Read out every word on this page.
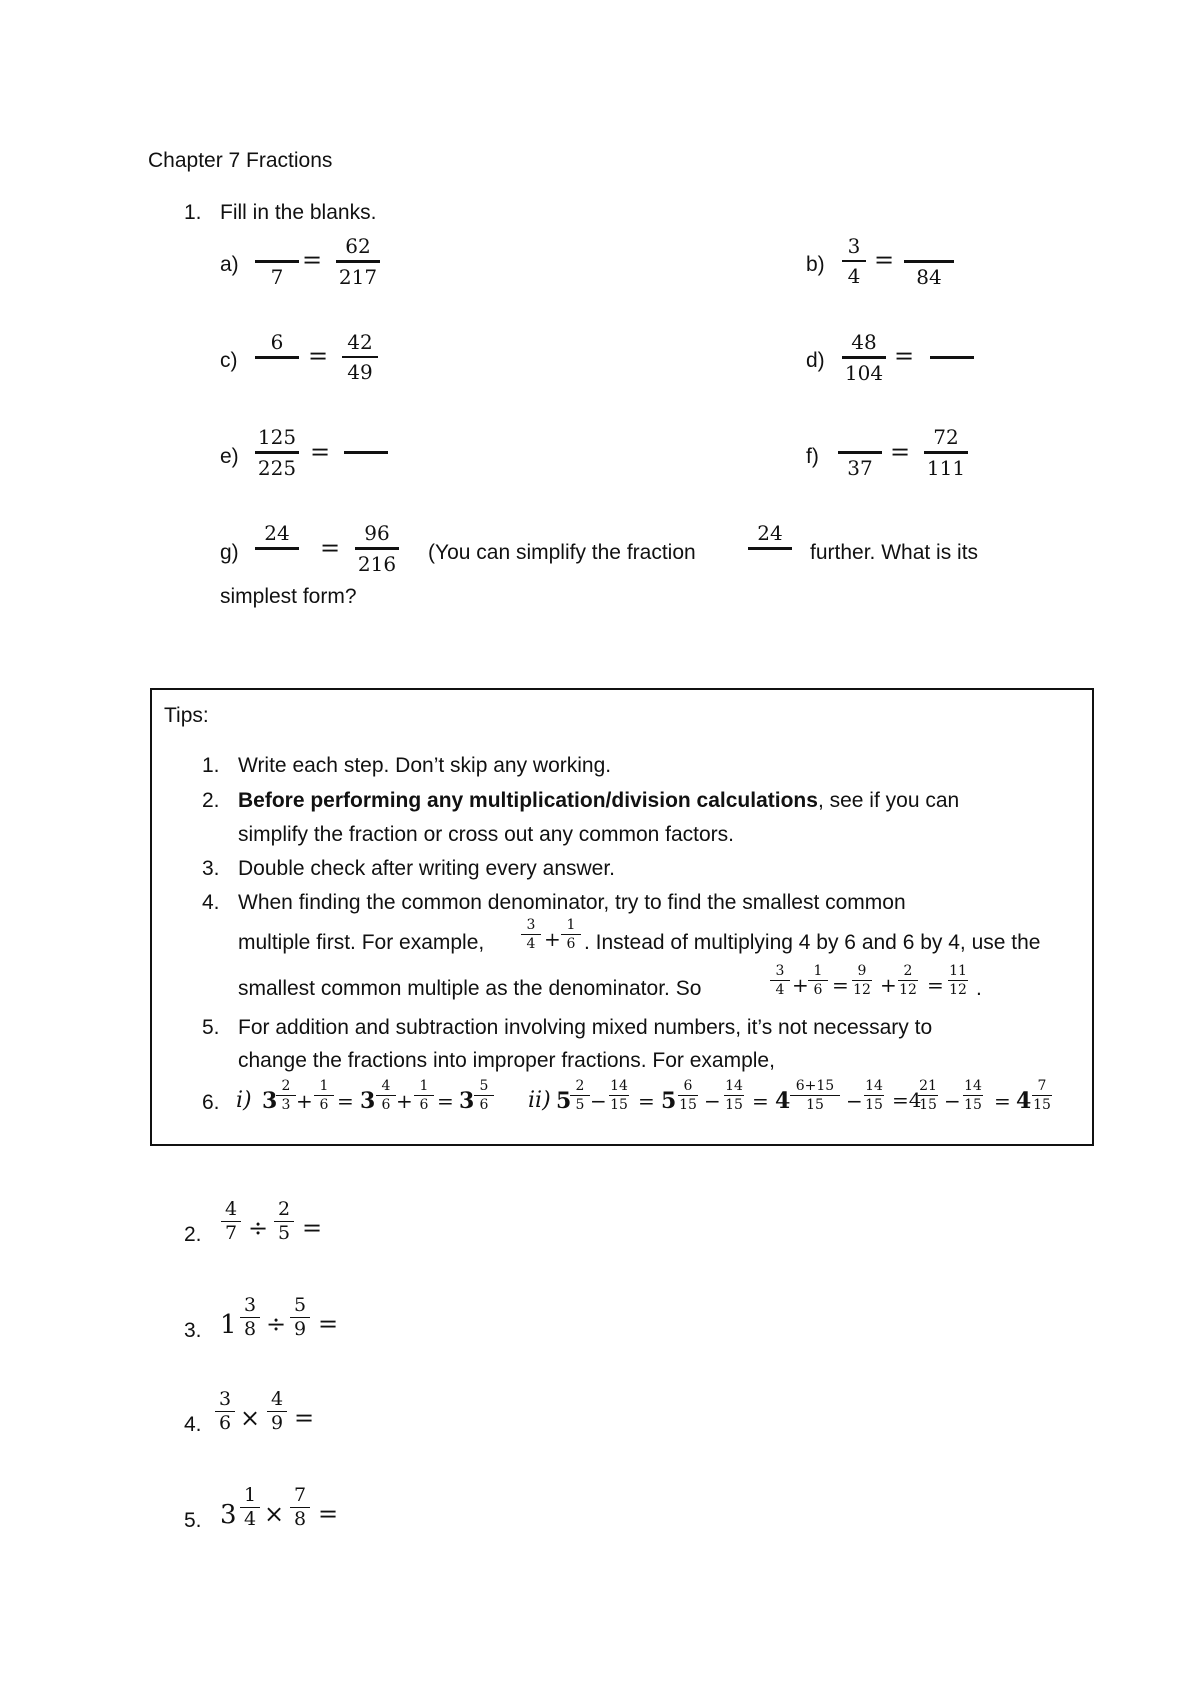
Chapter 7 Fractions
1. Fill in the blanks.
a)
7
= 62
217
b)
3
4
=
84
c)
6 = 42
49	d)
48
104
=
e)
125
225
=	f) 37
=
72
111
g)
24
=
96
216 (You can simplify the fraction
24
further. What is its
simplest form?
Tips:
1. Write each step. Don’t skip any working.
2. Before performing any multiplication/division calculations, see if you can
simplify the fraction or cross out any common factors.
3. Double check after writing every answer.
4. When finding the common denominator, try to find the smallest common
multiple first. For example,
3
4 +
1
6 . Instead of multiplying 4 by 6 and 6 by 4, use the
smallest common multiple as the denominator. So
3
4 +
1
6 =
9
12 +
2
12 =
11
12 .
5. For addition and subtraction involving mixed numbers, it’s not necessary to
change the fractions into improper fractions. For example,
6. i) 3
2
3 +
1
6 = 3
4
6 +
1
6 = 3
5
6 ii) 5
2
5 −
14
15 = 5
6
15 −
14
15 = 4
6+15
15 −
14
15 =4
21
15 −
14
15 = 4
7
15
2.
4
7 ÷
2
5 =
3. 1
3
8 ÷
5
9 =
4.
3
6 ×
4
9 =
5. 3
1
4 ×
7
8 =
